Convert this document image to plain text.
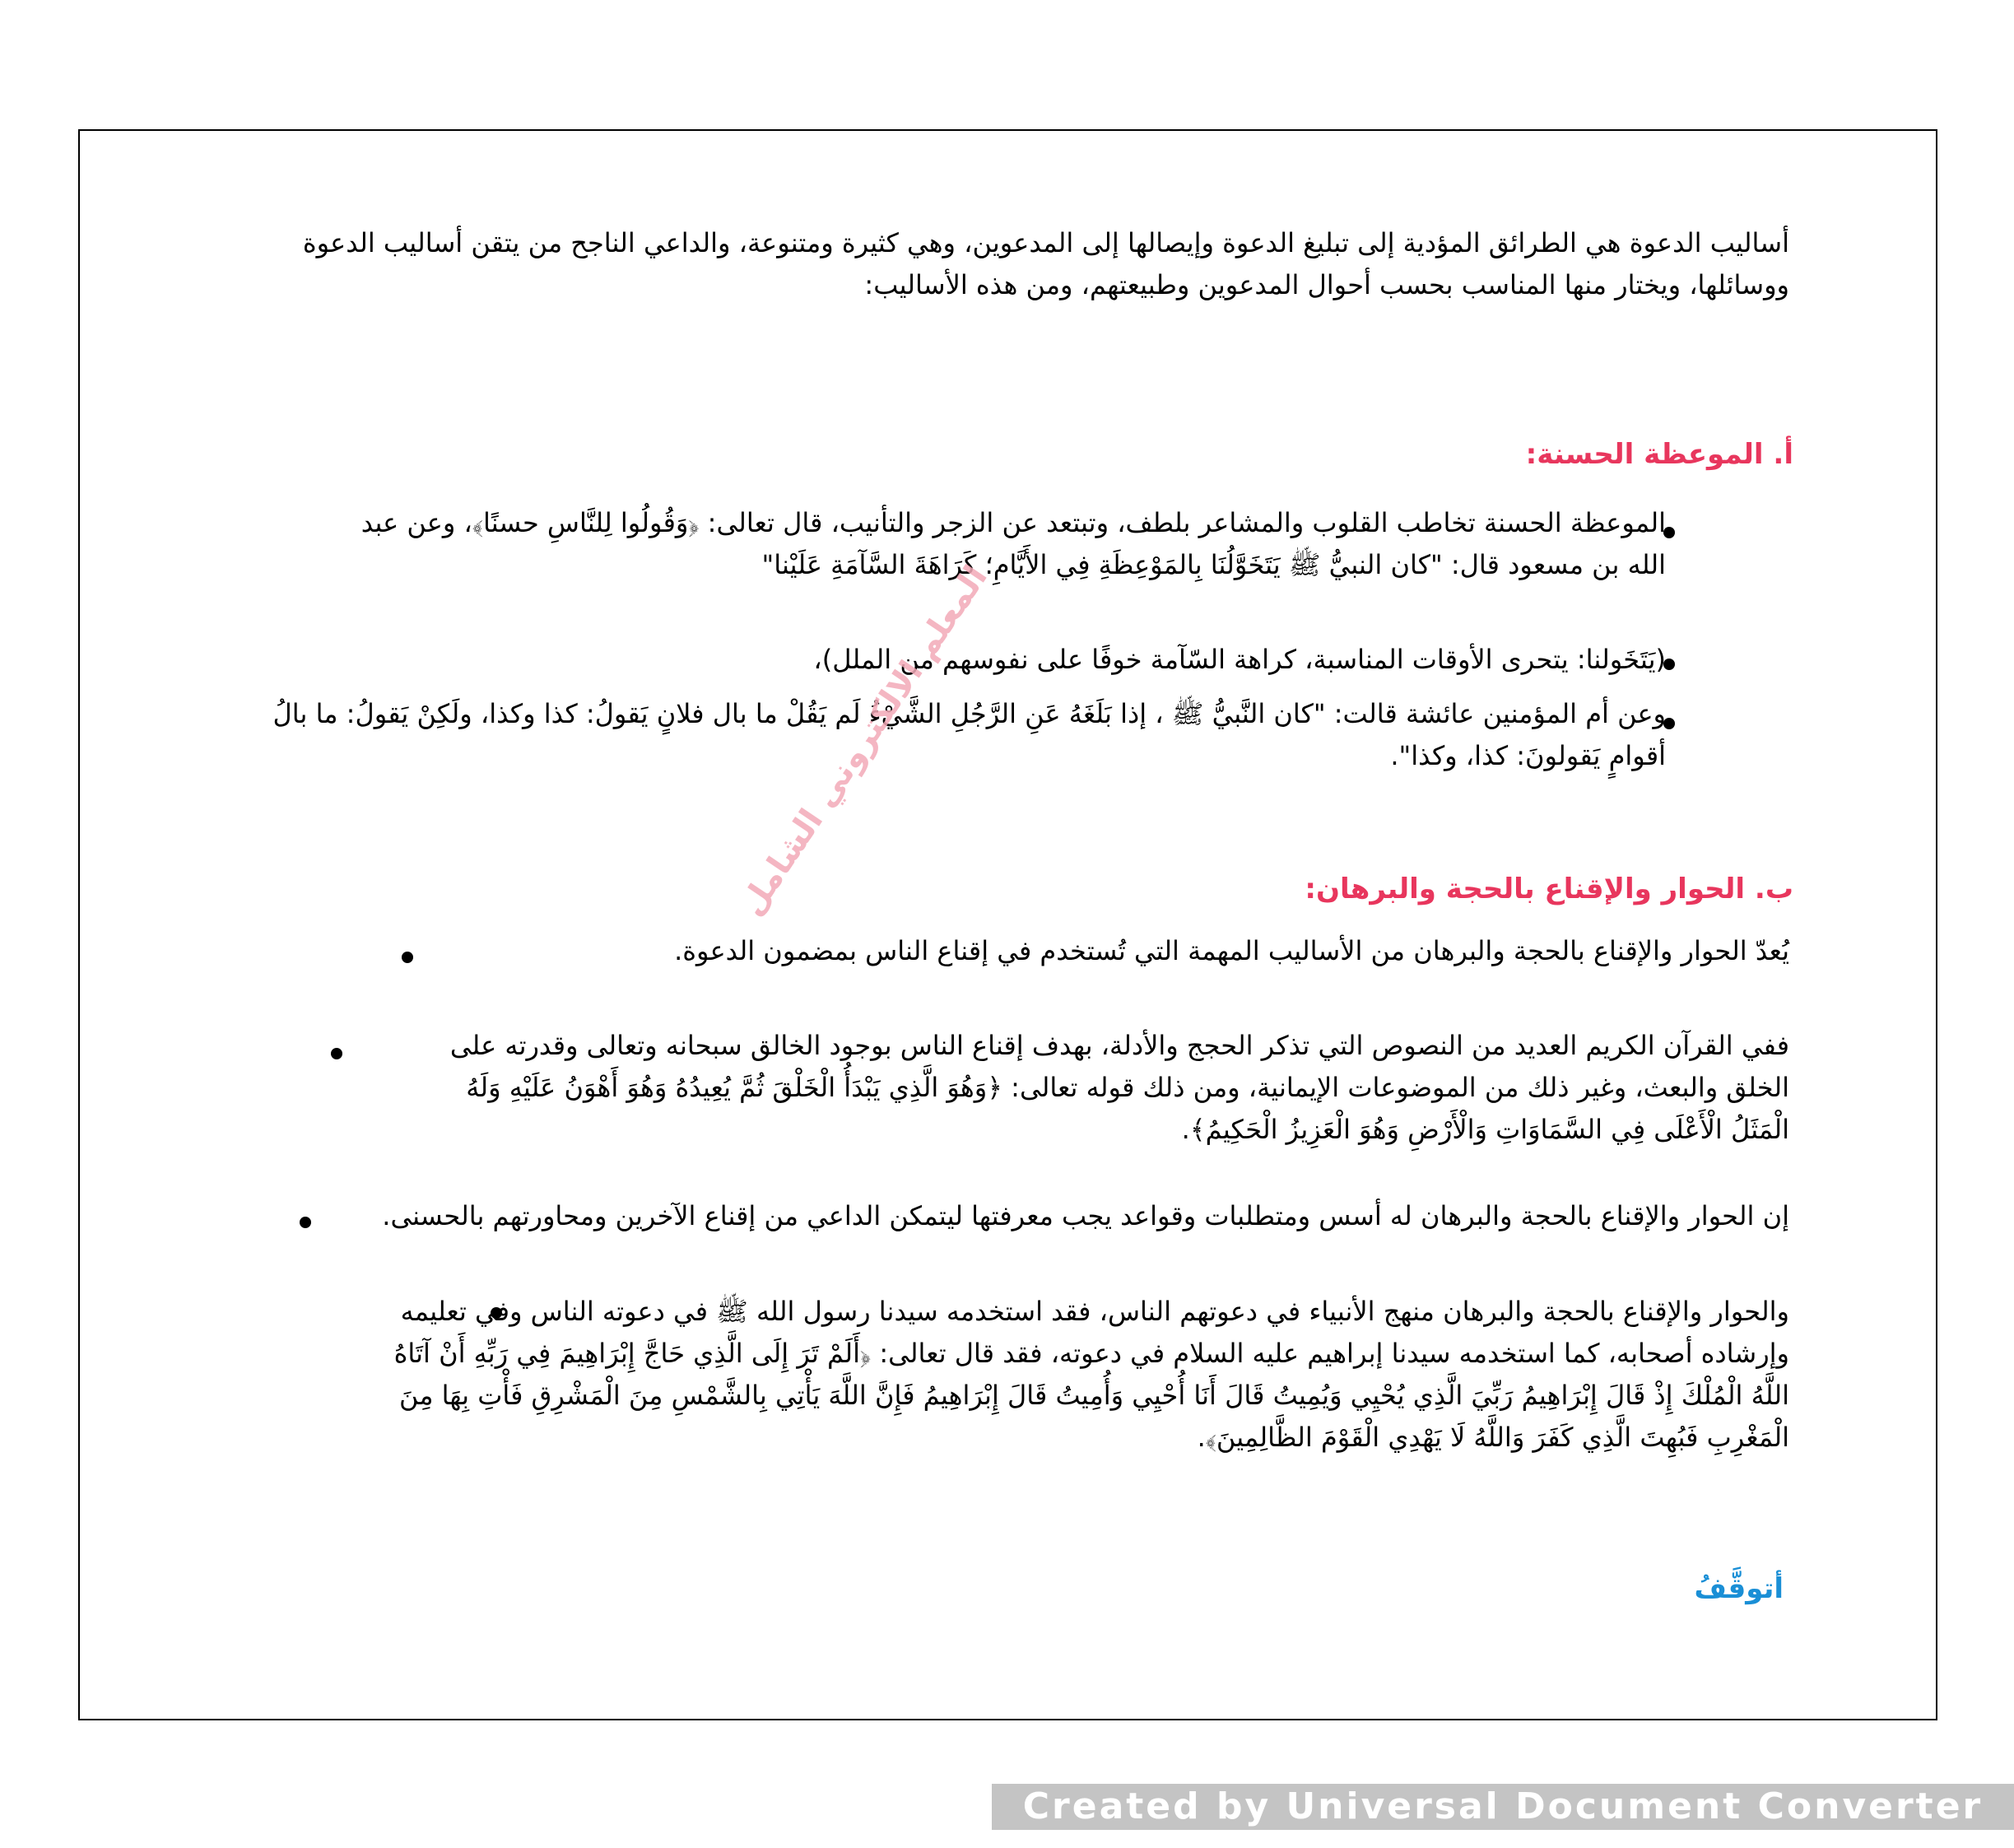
أساليب الدعوة هي الطرائق المؤدية إلى تبليغ الدعوة وإيصالها إلى المدعوين، وهي كثيرة ومتنوعة، والداعي الناجح من يتقن أساليب الدعوة ووسائلها، ويختار منها المناسب بحسب أحوال المدعوين وطبيعتهم، ومن هذه الأساليب:

أ. الموعظة الحسنة:

الموعظة الحسنة تخاطب القلوب والمشاعر بلطف، وتبتعد عن الزجر والتأنيب، قال تعالى: ﴿وَقُولُوا لِلنَّاسِ حسنًا﴾، وعن عبد الله بن مسعود قال: "كان النبيُّ ﷺ يَتَخَوَّلُنَا بِالمَوْعِظَةِ فِي الأَيَّامِ؛ كَرَاهَةَ السَّآمَةِ عَلَيْنا"

(يَتَخَولنا: يتحرى الأوقات المناسبة، كراهة السّآمة خوفًا على نفوسهم من الملل)،

وعن أم المؤمنين عائشة قالت: "كان النَّبيُّ ﷺ ، إذا بَلَغَهُ عَنِ الرَّجُلِ الشَّيْءُ لَم يَقُلْ ما بال فلانٍ يَقولُ: كذا وكذا، ولَكِنْ يَقولُ: ما بالُ أقوامٍ يَقولونَ: كذا، وكذا".

المعلم الالكتروني الشامل	ب. الحوار والإقناع بالحجة والبرهان:

يُعدّ الحوار والإقناع بالحجة والبرهان من الأساليب المهمة التي تُستخدم في إقناع الناس بمضمون الدعوة.

ففي القرآن الكريم العديد من النصوص التي تذكر الحجج والأدلة، بهدف إقناع الناس بوجود الخالق سبحانه وتعالى وقدرته على الخلق والبعث، وغير ذلك من الموضوعات الإيمانية، ومن ذلك قوله تعالى: ﴿وَهُوَ الَّذِي يَبْدَأُ الْخَلْقَ ثُمَّ يُعِيدُهُ وَهُوَ أَهْوَنُ عَلَيْهِ وَلَهُ الْمَثَلُ الْأَعْلَى فِي السَّمَاوَاتِ وَالْأَرْضِ وَهُوَ الْعَزِيزُ الْحَكِيمُ﴾.

إن الحوار والإقناع بالحجة والبرهان له أسس ومتطلبات وقواعد يجب معرفتها ليتمكن الداعي من إقناع الآخرين ومحاورتهم بالحسنى.

والحوار والإقناع بالحجة والبرهان منهج الأنبياء في دعوتهم الناس، فقد استخدمه سيدنا رسول الله ﷺ في دعوته الناس وفي تعليمه وإرشاده أصحابه، كما استخدمه سيدنا إبراهيم عليه السلام في دعوته، فقد قال تعالى: ﴿أَلَمْ تَرَ إِلَى الَّذِي حَاجَّ إِبْرَاهِيمَ فِي رَبِّهِ أَنْ آتَاهُ اللَّهُ الْمُلْكَ إِذْ قَالَ إِبْرَاهِيمُ رَبِّيَ الَّذِي يُحْيِي وَيُمِيتُ قَالَ أَنَا أُحْيِي وَأُمِيتُ قَالَ إِبْرَاهِيمُ فَإِنَّ اللَّهَ يَأْتِي بِالشَّمْسِ مِنَ الْمَشْرِقِ فَأْتِ بِهَا مِنَ الْمَغْرِبِ فَبُهِتَ الَّذِي كَفَرَ وَاللَّهُ لَا يَهْدِي الْقَوْمَ الظَّالِمِينَ﴾.

أتوقَّفُ
Created by Universal Document Converter
